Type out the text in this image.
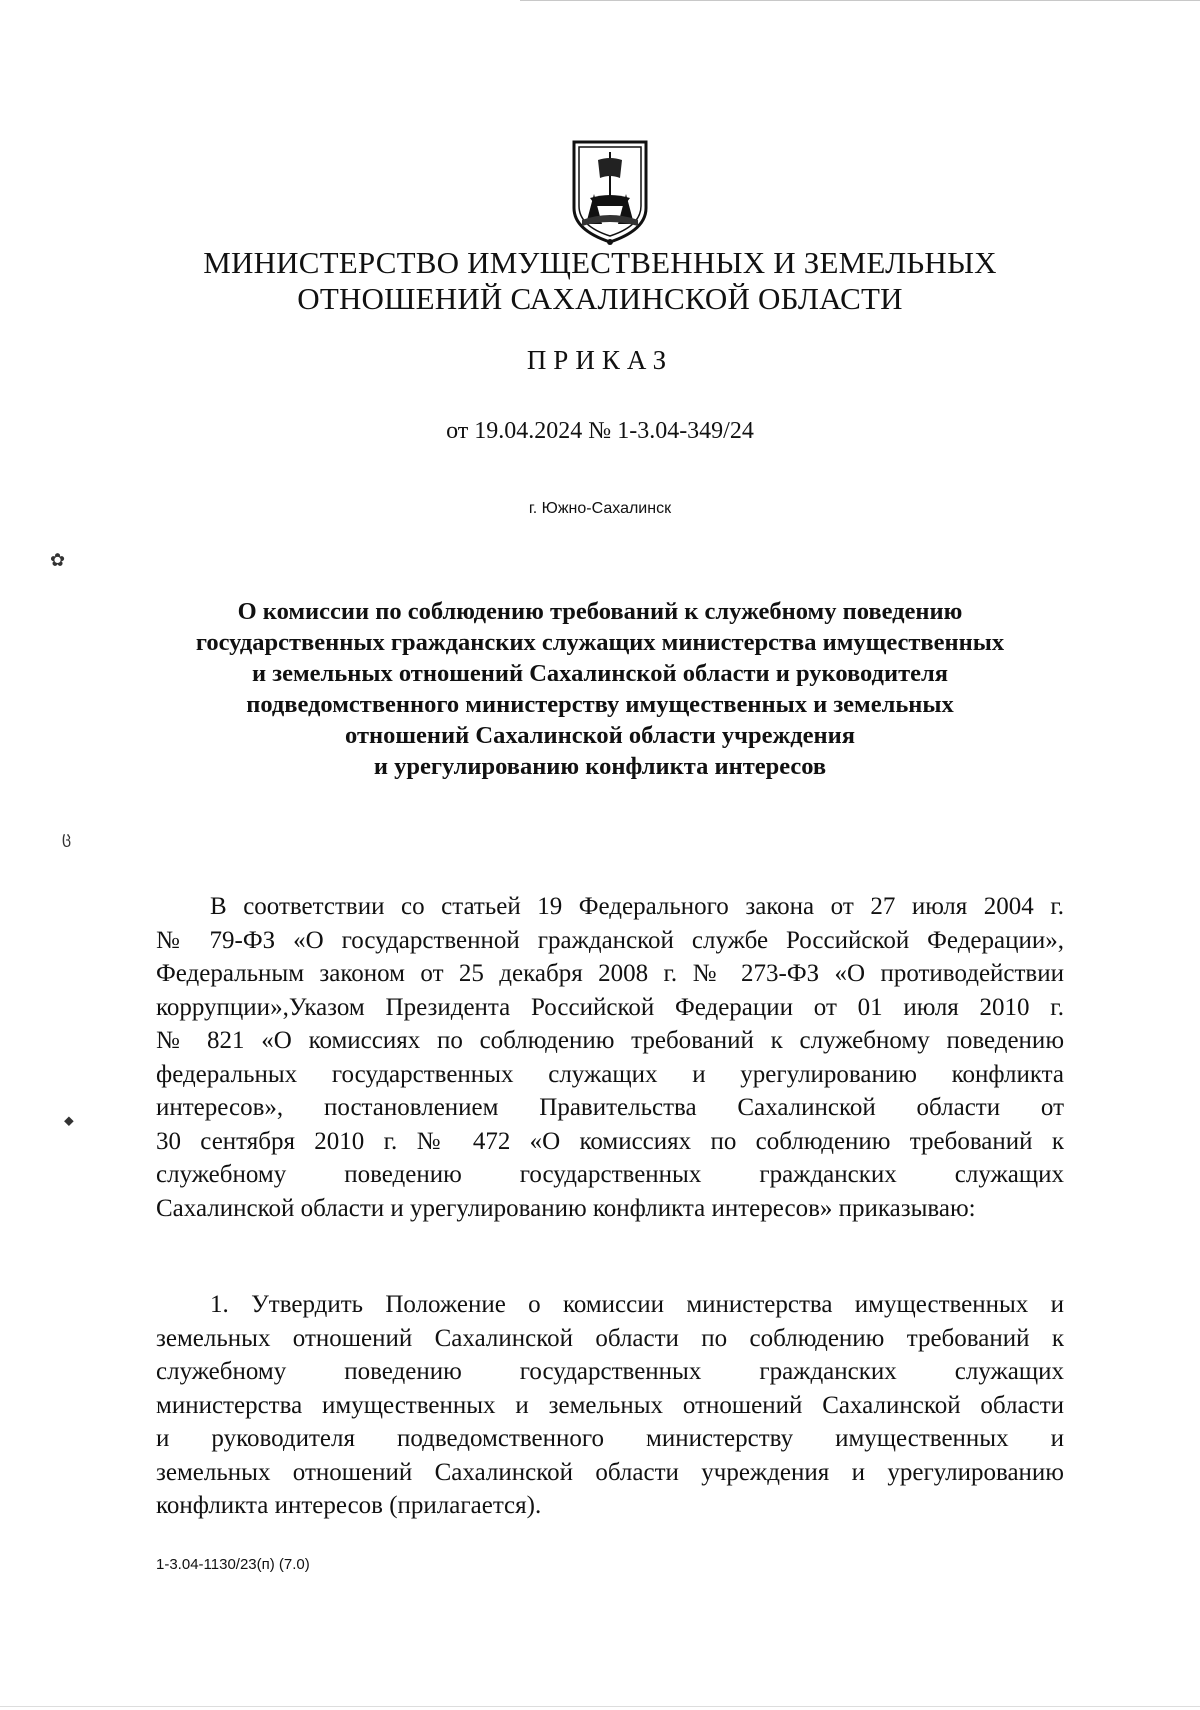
✿
ც
⬥
МИНИСТЕРСТВО ИМУЩЕСТВЕННЫХ И ЗЕМЕЛЬНЫХ
ОТНОШЕНИЙ САХАЛИНСКОЙ ОБЛАСТИ
ПРИКАЗ
от 19.04.2024 № 1-3.04-349/24
г. Южно-Сахалинск
О комиссии по соблюдению требований к служебному поведению
государственных гражданских служащих министерства имущественных
и земельных отношений Сахалинской области и руководителя
подведомственного министерству имущественных и земельных
отношений Сахалинской области учреждения
и урегулированию конфликта интересов
В соответствии со статьей 19 Федерального закона от 27 июля 2004 г.
№ 79-ФЗ «О государственной гражданской службе Российской Федерации»,
Федеральным законом от 25 декабря 2008 г. № 273-ФЗ «О противодействии
коррупции»,Указом Президента Российской Федерации от 01 июля 2010 г.
№ 821 «О комиссиях по соблюдению требований к служебному поведению
федеральных государственных служащих и урегулированию конфликта
интересов», постановлением Правительства Сахалинской области от
30 сентября 2010 г. № 472 «О комиссиях по соблюдению требований к
служебному поведению государственных гражданских служащих
Сахалинской области и урегулированию конфликта интересов» приказываю:
1. Утвердить Положение о комиссии министерства имущественных и
земельных отношений Сахалинской области по соблюдению требований к
служебному поведению государственных гражданских служащих
министерства имущественных и земельных отношений Сахалинской области
и руководителя подведомственного министерству имущественных и
земельных отношений Сахалинской области учреждения и урегулированию
конфликта интересов (прилагается).
1-3.04-1130/23(п) (7.0)
